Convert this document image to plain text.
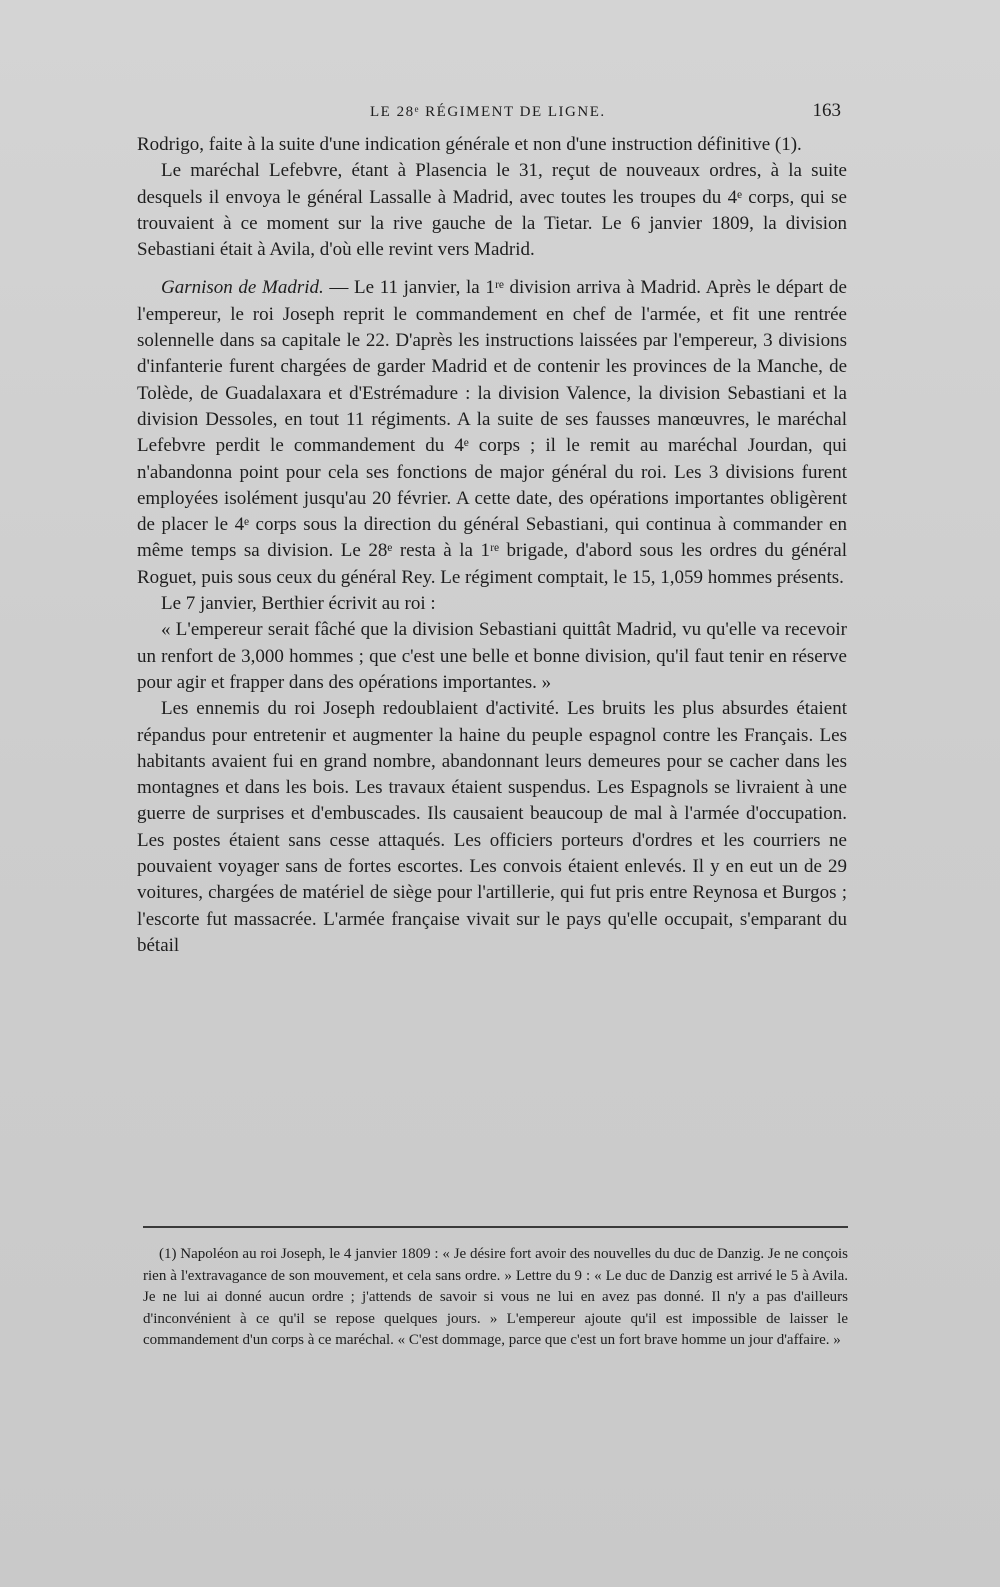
LE 28ᵉ RÉGIMENT DE LIGNE.	163

Rodrigo, faite à la suite d'une indication générale et non d'une instruction définitive (1).

Le maréchal Lefebvre, étant à Plasencia le 31, reçut de nouveaux ordres, à la suite desquels il envoya le général Lassalle à Madrid, avec toutes les troupes du 4ᵉ corps, qui se trouvaient à ce moment sur la rive gauche de la Tietar. Le 6 janvier 1809, la division Sebastiani était à Avila, d'où elle revint vers Madrid.

Garnison de Madrid. — Le 11 janvier, la 1ʳᵉ division arriva à Madrid. Après le départ de l'empereur, le roi Joseph reprit le commandement en chef de l'armée, et fit une rentrée solennelle dans sa capitale le 22. D'après les instructions laissées par l'empereur, 3 divisions d'infanterie furent chargées de garder Madrid et de contenir les provinces de la Manche, de Tolède, de Guadalaxara et d'Estrémadure : la division Valence, la division Sebastiani et la division Dessoles, en tout 11 régiments. A la suite de ses fausses manœuvres, le maréchal Lefebvre perdit le commandement du 4ᵉ corps ; il le remit au maréchal Jourdan, qui n'abandonna point pour cela ses fonctions de major général du roi. Les 3 divisions furent employées isolément jusqu'au 20 février. A cette date, des opérations importantes obligèrent de placer le 4ᵉ corps sous la direction du général Sebastiani, qui continua à commander en même temps sa division. Le 28ᵉ resta à la 1ʳᵉ brigade, d'abord sous les ordres du général Roguet, puis sous ceux du général Rey. Le régiment comptait, le 15, 1,059 hommes présents.

Le 7 janvier, Berthier écrivit au roi :

« L'empereur serait fâché que la division Sebastiani quittât Madrid, vu qu'elle va recevoir un renfort de 3,000 hommes ; que c'est une belle et bonne division, qu'il faut tenir en réserve pour agir et frapper dans des opérations importantes. »

Les ennemis du roi Joseph redoublaient d'activité. Les bruits les plus absurdes étaient répandus pour entretenir et augmenter la haine du peuple espagnol contre les Français. Les habitants avaient fui en grand nombre, abandonnant leurs demeures pour se cacher dans les montagnes et dans les bois. Les travaux étaient suspendus. Les Espagnols se livraient à une guerre de surprises et d'embuscades. Ils causaient beaucoup de mal à l'armée d'occupation. Les postes étaient sans cesse attaqués. Les officiers porteurs d'ordres et les courriers ne pouvaient voyager sans de fortes escortes. Les convois étaient enlevés. Il y en eut un de 29 voitures, chargées de matériel de siège pour l'artillerie, qui fut pris entre Reynosa et Burgos ; l'escorte fut massacrée. L'armée française vivait sur le pays qu'elle occupait, s'emparant du bétail

(1) Napoléon au roi Joseph, le 4 janvier 1809 : « Je désire fort avoir des nouvelles du duc de Danzig. Je ne conçois rien à l'extravagance de son mouvement, et cela sans ordre. » Lettre du 9 : « Le duc de Danzig est arrivé le 5 à Avila. Je ne lui ai donné aucun ordre ; j'attends de savoir si vous ne lui en avez pas donné. Il n'y a pas d'ailleurs d'inconvénient à ce qu'il se repose quelques jours. » L'empereur ajoute qu'il est impossible de laisser le commandement d'un corps à ce maréchal. « C'est dommage, parce que c'est un fort brave homme un jour d'affaire. »
